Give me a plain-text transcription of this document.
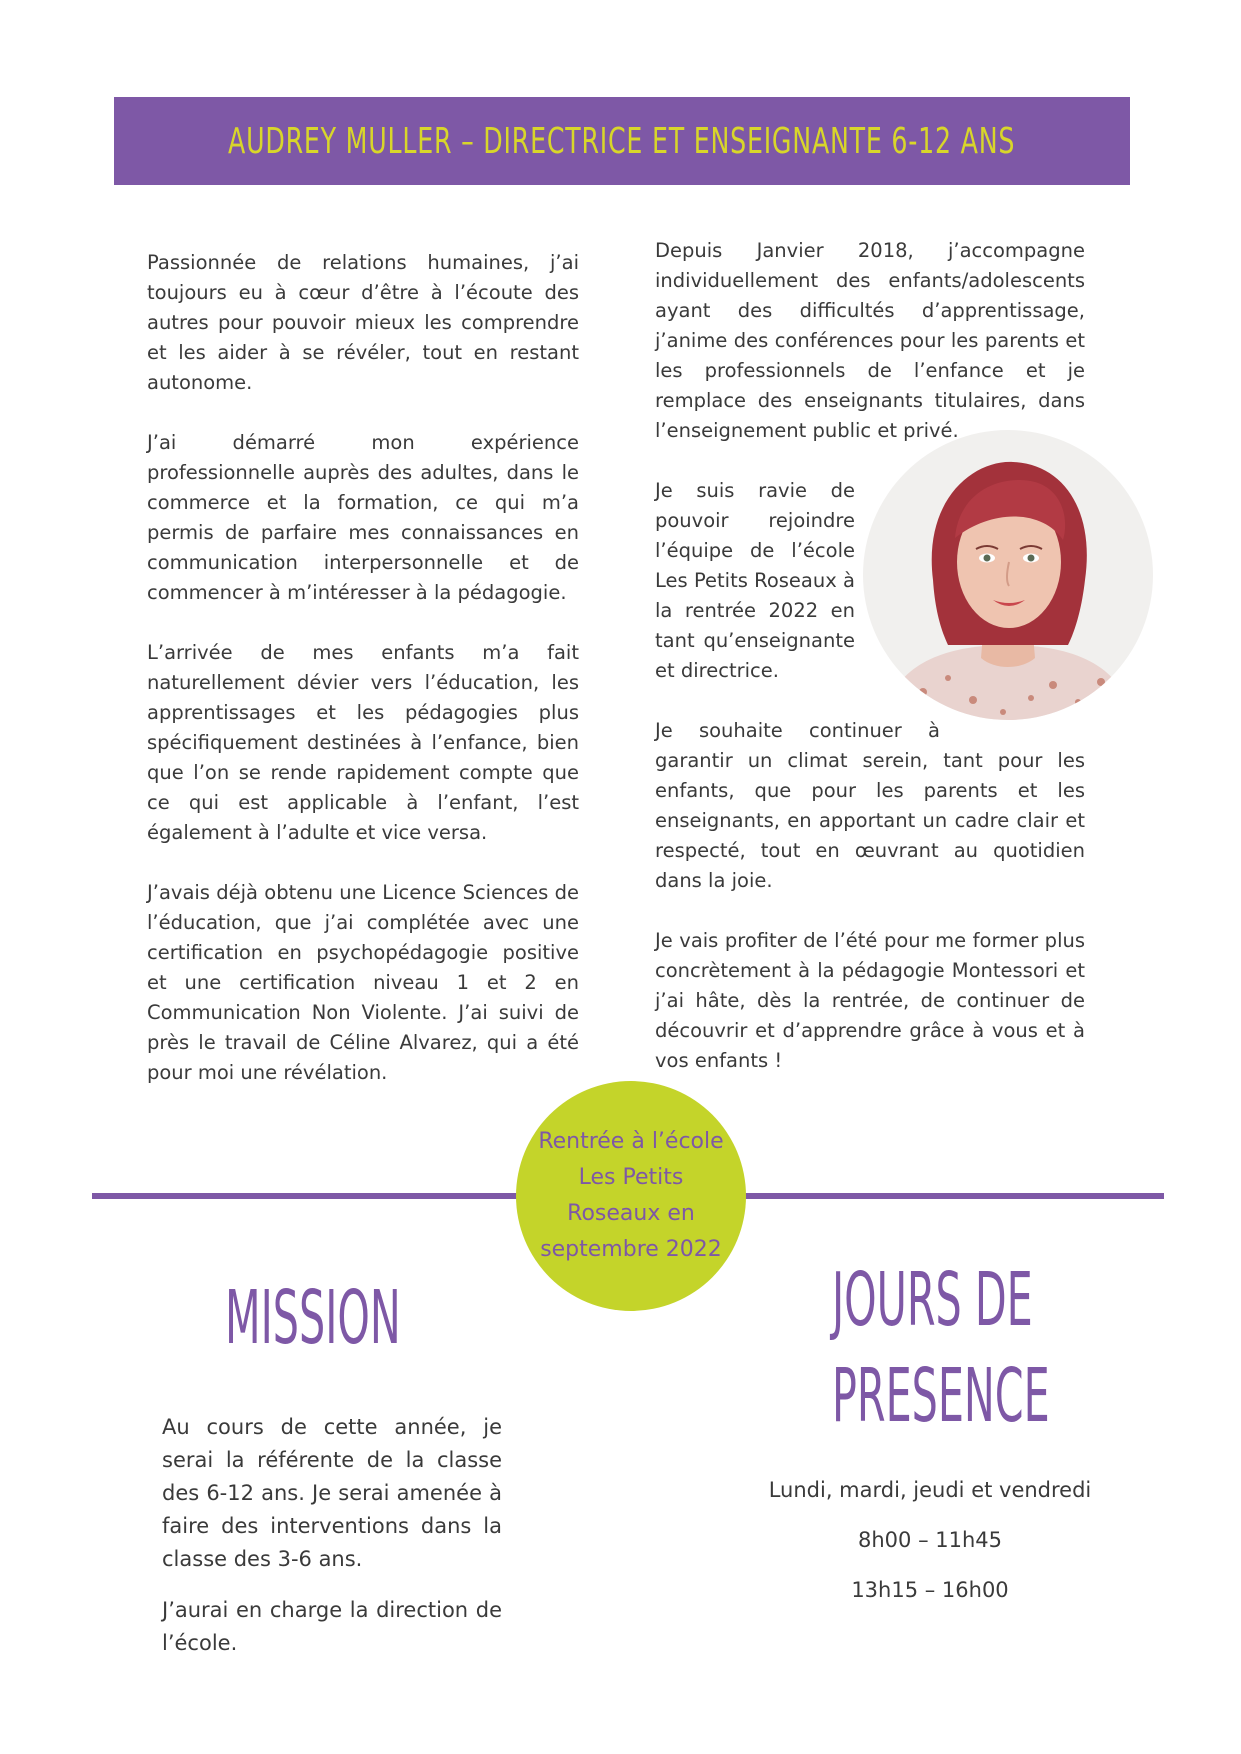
AUDREY MULLER – DIRECTRICE ET ENSEIGNANTE 6-12 ANS

Passionnée de relations humaines, j’ai toujours eu à cœur d’être à l’écoute des autres pour pouvoir mieux les comprendre et les aider à se révéler, tout en restant autonome.

J’ai démarré mon expérience professionnelle auprès des adultes, dans le commerce et la formation, ce qui m’a permis de parfaire mes connaissances en communication interpersonnelle et de commencer à m’intéresser à la pédagogie.

L’arrivée de mes enfants m’a fait naturellement dévier vers l’éducation, les apprentissages et les pédagogies plus spécifiquement destinées à l’enfance, bien que l’on se rende rapidement compte que ce qui est applicable à l’enfant, l’est également à l’adulte et vice versa.

J’avais déjà obtenu une Licence Sciences de l’éducation, que j’ai complétée avec une certification en psychopédagogie positive et une certification niveau 1 et 2 en Communication Non Violente. J’ai suivi de près le travail de Céline Alvarez, qui a été pour moi une révélation.

Depuis Janvier 2018, j’accompagne individuellement des enfants/adolescents ayant des difficultés d’apprentissage, j’anime des conférences pour les parents et les professionnels de l’enfance et je remplace des enseignants titulaires, dans l’enseignement public et privé.

Je suis ravie de pouvoir rejoindre l’équipe de l’école Les Petits Roseaux à la rentrée 2022 en tant qu’enseignante et directrice.

Je souhaite continuer à
garantir un climat serein, tant pour les enfants, que pour les parents et les enseignants, en apportant un cadre clair et respecté, tout en œuvrant au quotidien dans la joie.

Je vais profiter de l’été pour me former plus concrètement à la pédagogie Montessori et j’ai hâte, dès la rentrée, de continuer de découvrir et d’apprendre grâce à vous et à vos enfants !

Rentrée à l’école Les Petits Roseaux en septembre 2022
MISSION

Au cours de cette année, je serai la référente de la classe des 6-12 ans. Je serai amenée à faire des interventions dans la classe des 3-6 ans.

J’aurai en charge la direction de l’école.

JOURS DE
PRESENCE

Lundi, mardi, jeudi et vendredi

8h00 – 11h45

13h15 – 16h00
